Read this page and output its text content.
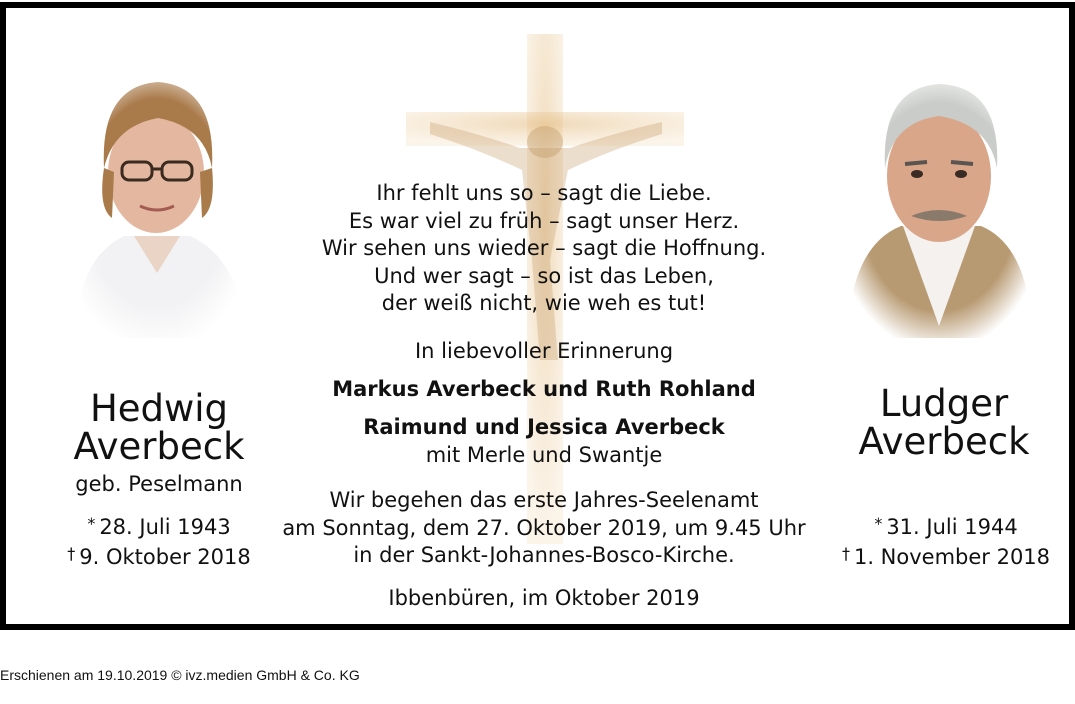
Hedwig
Averbeck
geb. Peselmann
* 28. Juli 1943
† 9. Oktober 2018
Ludger
Averbeck
* 31. Juli 1944
† 1. November 2018
Ihr fehlt uns so – sagt die Liebe.
Es war viel zu früh – sagt unser Herz.
Wir sehen uns wieder – sagt die Hoffnung.
Und wer sagt – so ist das Leben,
der weiß nicht, wie weh es tut!
In liebevoller Erinnerung
Markus Averbeck und Ruth Rohland
Raimund und Jessica Averbeck
mit Merle und Swantje
Wir begehen das erste Jahres-Seelenamt
am Sonntag, dem 27. Oktober 2019, um 9.45 Uhr
in der Sankt-Johannes-Bosco-Kirche.
Ibbenbüren, im Oktober 2019
Erschienen am 19.10.2019 © ivz.medien GmbH & Co. KG
